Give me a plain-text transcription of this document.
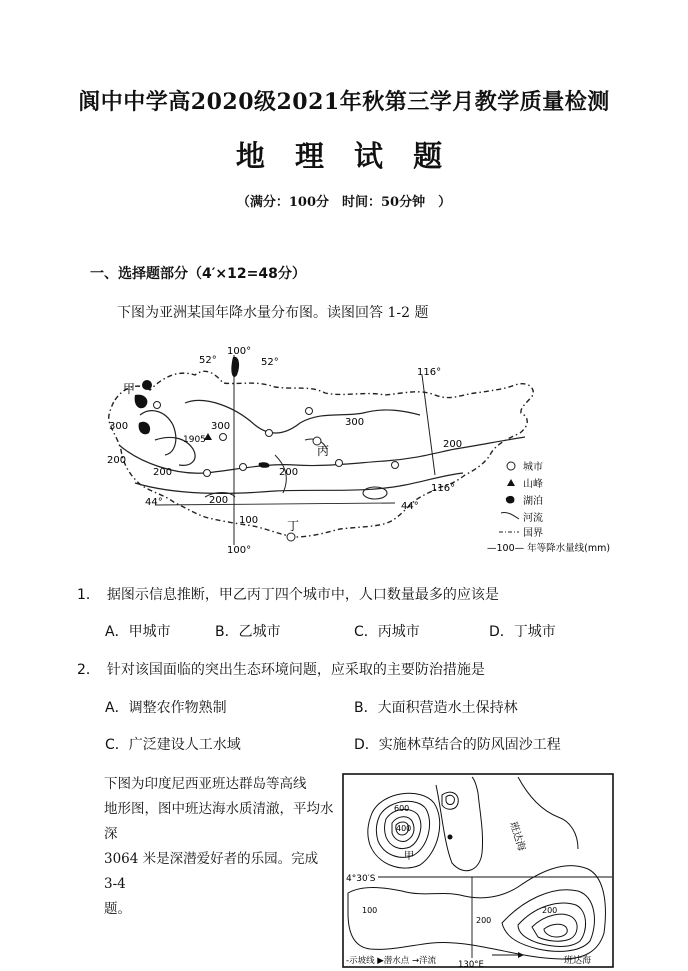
阆中中学高2020级2021年秋第三学月教学质量检测
地 理 试 题
（满分：100分　时间：50分钟　）
一、选择题部分（4′×12=48分）
下图为亚洲某国年降水量分布图。读图回答 1-2 题
52°
100°
52°
116°
甲
1905
丙
丁
116°
44°	44°
100°
300	300	300
200
200	200
200
200
100
城市
山峰
湖泊
河流
国界
—100— 年等降水量线(mm)
1．　据图示信息推断，甲乙丙丁四个城市中，人口数量最多的应该是
A．甲城市	B．乙城市	C．丙城市	D．丁城市
2．　针对该国面临的突出生态环境问题，应采取的主要防治措施是
A．调整农作物熟制	B．大面积营造水土保持林
C．广泛建设人工水域	D．实施林草结合的防风固沙工程

下图为印度尼西亚班达群岛等高线

地形图，图中班达海水质清澈，平均水深

3064 米是深潜爱好者的乐园。完成 3-4

题。

4°30′S
甲
600
400
200
200
100
班达海
班达海
-示坡线 ▶潜水点 →洋流	130°E
